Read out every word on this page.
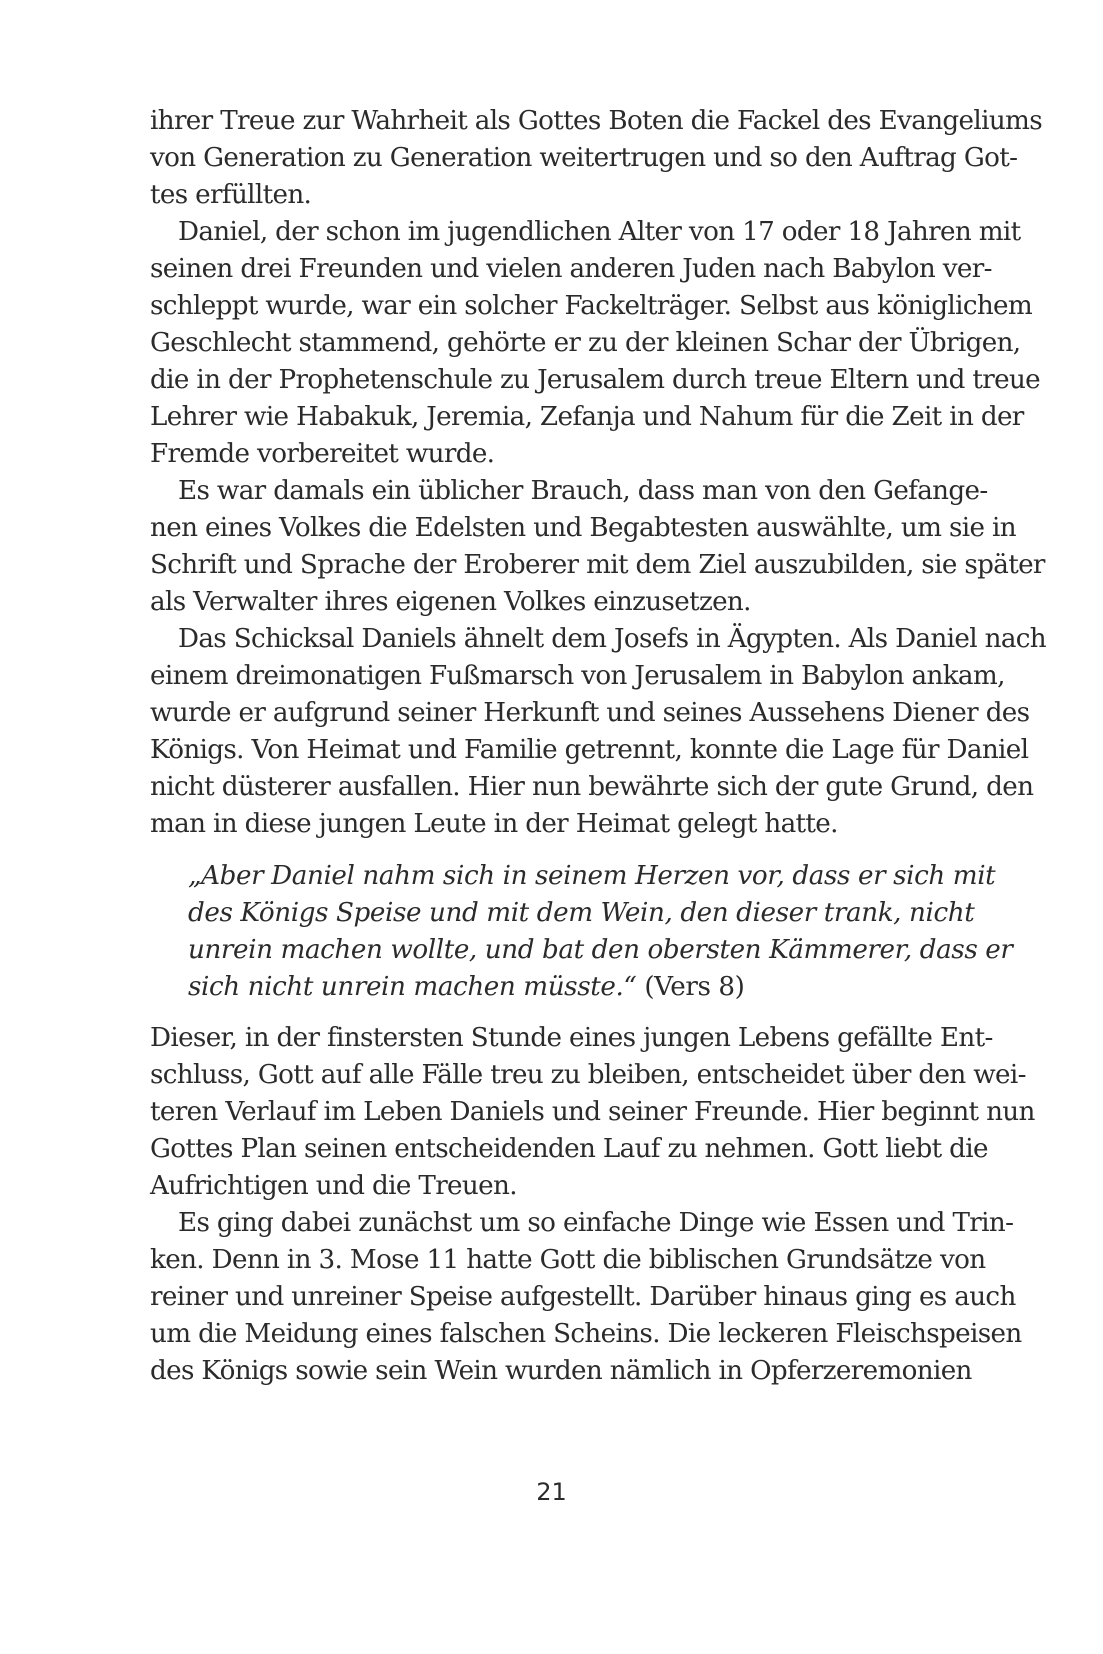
ihrer Treue zur Wahrheit als Gottes Boten die Fackel des Evangeliums
von Generation zu Generation weitertrugen und so den Auftrag Got-
tes erfüllten.
Daniel, der schon im jugendlichen Alter von 17 oder 18 Jahren mit
seinen drei Freunden und vielen anderen Juden nach Babylon ver-
schleppt wurde, war ein solcher Fackelträger. Selbst aus königlichem
Geschlecht stammend, gehörte er zu der kleinen Schar der Übrigen,
die in der Prophetenschule zu Jerusalem durch treue Eltern und treue
Lehrer wie Habakuk, Jeremia, Zefanja und Nahum für die Zeit in der
Fremde vorbereitet wurde.
Es war damals ein üblicher Brauch, dass man von den Gefange-
nen eines Volkes die Edelsten und Begabtesten auswählte, um sie in
Schrift und Sprache der Eroberer mit dem Ziel auszubilden, sie später
als Verwalter ihres eigenen Volkes einzusetzen.
Das Schicksal Daniels ähnelt dem Josefs in Ägypten. Als Daniel nach
einem dreimonatigen Fußmarsch von Jerusalem in Babylon ankam,
wurde er aufgrund seiner Herkunft und seines Aussehens Diener des
Königs. Von Heimat und Familie getrennt, konnte die Lage für Daniel
nicht düsterer ausfallen. Hier nun bewährte sich der gute Grund, den
man in diese jungen Leute in der Heimat gelegt hatte.
„Aber Daniel nahm sich in seinem Herzen vor, dass er sich mit
des Königs Speise und mit dem Wein, den dieser trank, nicht
unrein machen wollte, und bat den obersten Kämmerer, dass er
sich nicht unrein machen müsste.“ (Vers 8)
Dieser, in der finstersten Stunde eines jungen Lebens gefällte Ent-
schluss, Gott auf alle Fälle treu zu bleiben, entscheidet über den wei-
teren Verlauf im Leben Daniels und seiner Freunde. Hier beginnt nun
Gottes Plan seinen entscheidenden Lauf zu nehmen. Gott liebt die
Aufrichtigen und die Treuen.
Es ging dabei zunächst um so einfache Dinge wie Essen und Trin-
ken. Denn in 3. Mose 11 hatte Gott die biblischen Grundsätze von
reiner und unreiner Speise aufgestellt. Darüber hinaus ging es auch
um die Meidung eines falschen Scheins. Die leckeren Fleischspeisen
des Königs sowie sein Wein wurden nämlich in Opferzeremonien
21
